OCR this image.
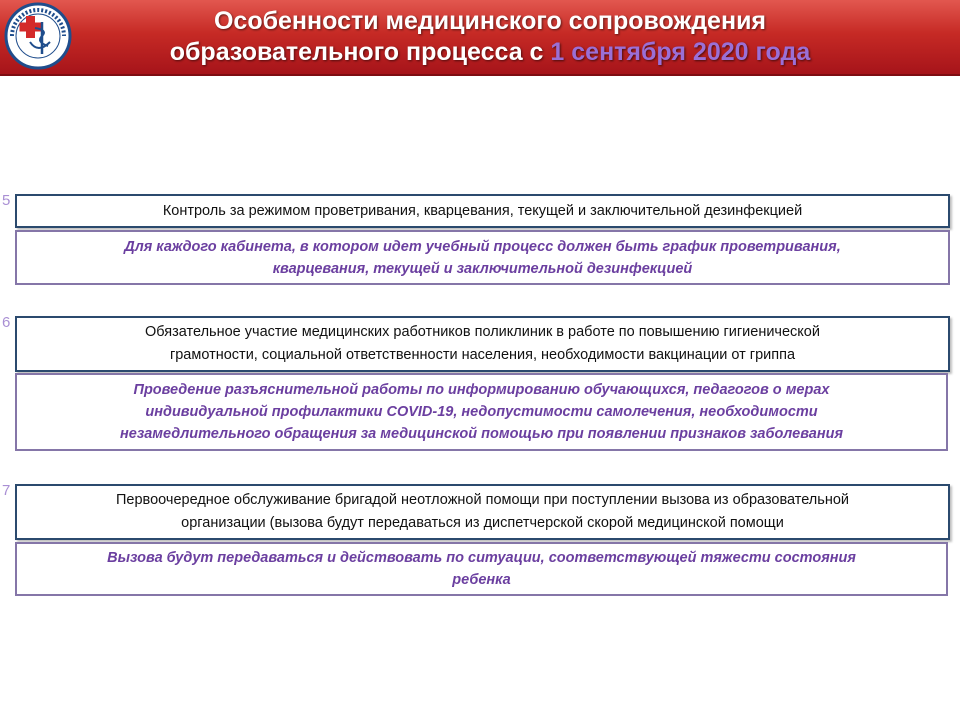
Особенности медицинского сопровождения
образовательного процесса с 1 сентября 2020 года
5
Контроль за режимом проветривания, кварцевания, текущей и заключительной дезинфекцией
Для каждого кабинета, в котором идет учебный процесс должен быть график проветривания,
кварцевания, текущей и заключительной дезинфекцией
6
Обязательное участие медицинских работников поликлиник в работе по повышению гигиенической
грамотности, социальной ответственности населения, необходимости вакцинации от гриппа
Проведение разъяснительной работы по информированию обучающихся, педагогов о мерах
индивидуальной профилактики COVID-19, недопустимости самолечения, необходимости
незамедлительного обращения за медицинской помощью при появлении признаков заболевания
7
Первоочередное обслуживание бригадой неотложной помощи при поступлении вызова из образовательной
организации (вызова будут передаваться из диспетчерской скорой медицинской помощи
Вызова будут передаваться и действовать по ситуации, соответствующей тяжести состояния
ребенка
